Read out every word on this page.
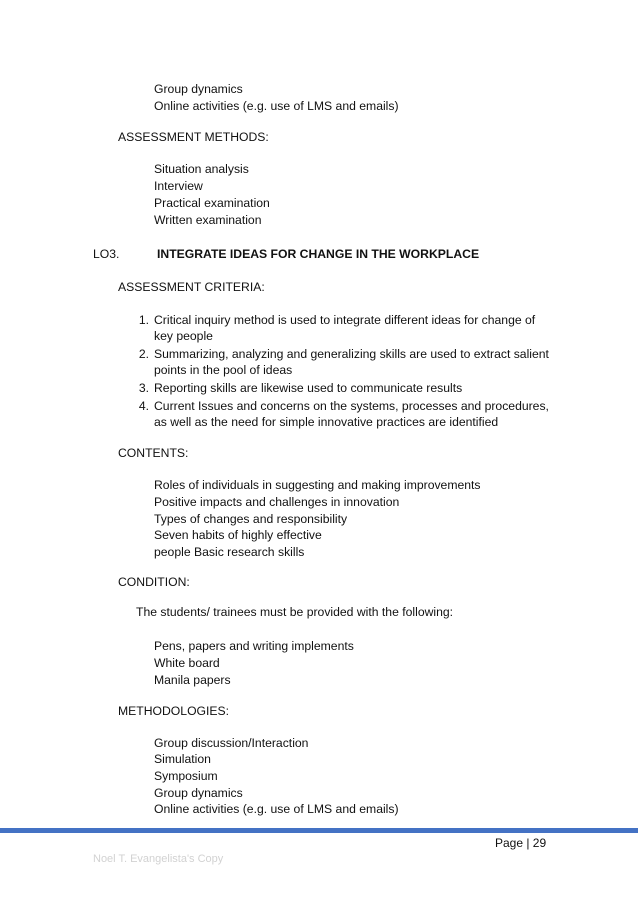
Group dynamics
Online activities (e.g. use of LMS and emails)
ASSESSMENT METHODS:
Situation analysis
Interview
Practical examination
Written examination
LO3.	INTEGRATE IDEAS FOR CHANGE IN THE WORKPLACE
ASSESSMENT CRITERIA:
1. Critical inquiry method is used to integrate different ideas for change of
key people
2. Summarizing, analyzing and generalizing skills are used to extract salient
points in the pool of ideas
3. Reporting skills are likewise used to communicate results
4. Current Issues and concerns on the systems, processes and procedures,
as well as the need for simple innovative practices are identified
CONTENTS:
Roles of individuals in suggesting and making improvements
Positive impacts and challenges in innovation
Types of changes and responsibility
Seven habits of highly effective
people Basic research skills
CONDITION:
The students/ trainees must be provided with the following:
Pens, papers and writing implements
White board
Manila papers
METHODOLOGIES:
Group discussion/Interaction
Simulation
Symposium
Group dynamics
Online activities (e.g. use of LMS and emails)
Page | 29
Noel T. Evangelista's Copy
